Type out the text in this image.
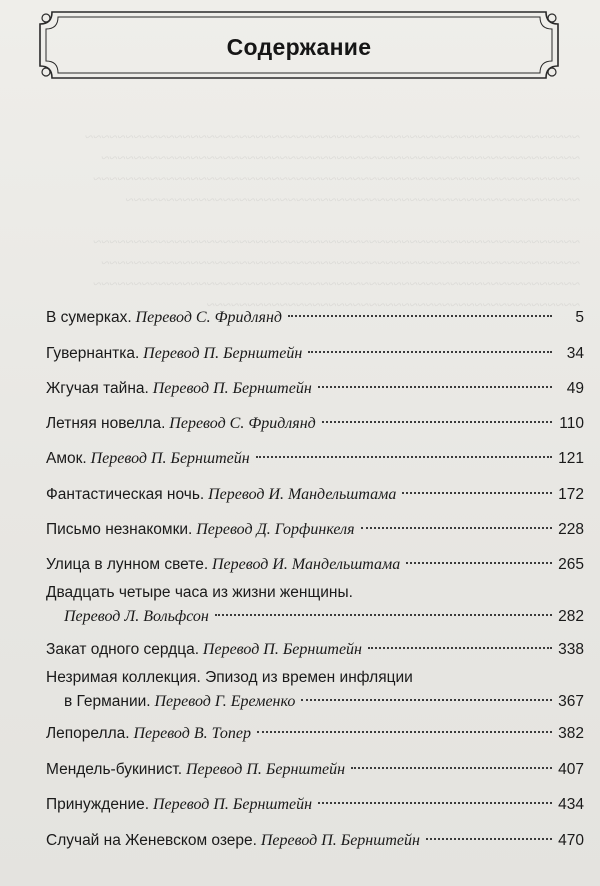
~~~~~~~~~~~~~~~~~~~~~~~~~~~~~~~~~~~~~~~~~~~~~~~~~~~~~~~~~~~~~
~~~~~~~~~~~~~~~~~~~~~~~~~~~~~~~~~~~~~~~~~~~~~~~~~~~~~~~~~~~
~~~~~~~~~~~~~~~~~~~~~~~~~~~~~~~~~~~~~~~~~~~~~~~~~~~~~~~~~~~~
~~~~~~~~~~~~~~~~~~~~~~~~~~~~~~~~~~~~~~~~~~~~~~~~~~~~~~~~

~~~~~~~~~~~~~~~~~~~~~~~~~~~~~~~~~~~~~~~~~~~~~~~~~~~~~~~~~~~~
~~~~~~~~~~~~~~~~~~~~~~~~~~~~~~~~~~~~~~~~~~~~~~~~~~~~~~~~~~~
~~~~~~~~~~~~~~~~~~~~~~~~~~~~~~~~~~~~~~~~~~~~~~~~~~~~~~~~~~~~
~~~~~~~~~~~~~~~~~~~~~~~~~~~~~~~~~~~~~~~~~~~~~~
Содержание
В сумерках.
Перевод С. Фридлянд	5
Гувернантка.
Перевод П. Бернштейн	34
Жгучая тайна.
Перевод П. Бернштейн	49
Летняя новелла.
Перевод С. Фридлянд	110
Амок.
Перевод П. Бернштейн	121
Фантастическая ночь.
Перевод И. Мандельштама	172
Письмо незнакомки.
Перевод Д. Горфинкеля	228
Улица в лунном свете.
Перевод И. Мандельштама	265
Двадцать четыре часа из жизни женщины.
Перевод Л. Вольфсон	282
Закат одного сердца.
Перевод П. Бернштейн	338
Незримая коллекция. Эпизод из времен инфляции
в Германии.
Перевод Г. Еременко	367
Лепорелла.
Перевод В. Топер	382
Мендель-букинист.
Перевод П. Бернштейн	407
Принуждение.
Перевод П. Бернштейн	434
Случай на Женевском озере.
Перевод П. Бернштейн	470
